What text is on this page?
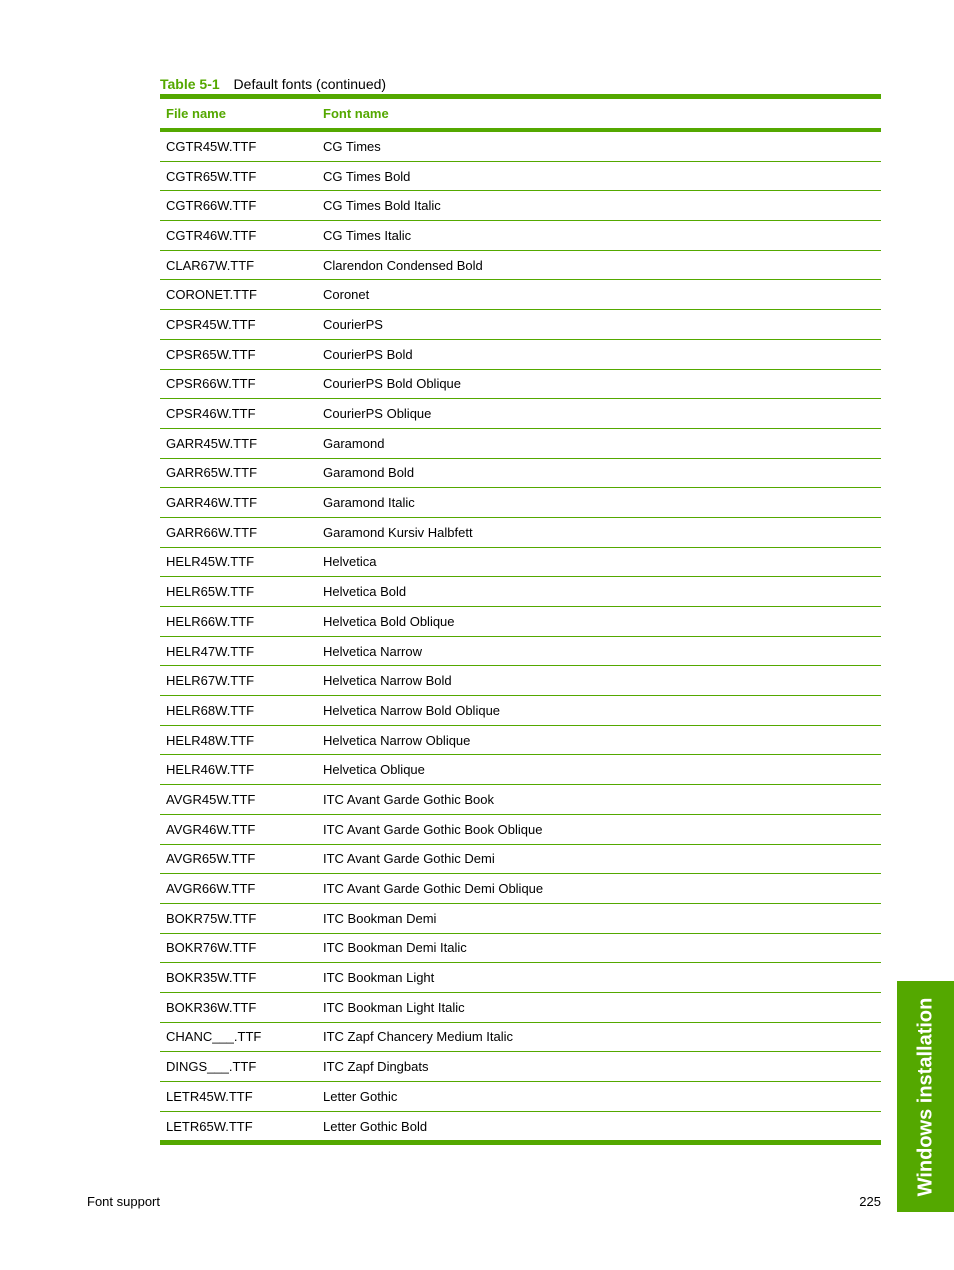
Table 5-1 Default fonts (continued)
File name	Font name
CGTR45W.TTF	CG Times
CGTR65W.TTF	CG Times Bold
CGTR66W.TTF	CG Times Bold Italic
CGTR46W.TTF	CG Times Italic
CLAR67W.TTF	Clarendon Condensed Bold
CORONET.TTF	Coronet
CPSR45W.TTF	CourierPS
CPSR65W.TTF	CourierPS Bold
CPSR66W.TTF	CourierPS Bold Oblique
CPSR46W.TTF	CourierPS Oblique
GARR45W.TTF	Garamond
GARR65W.TTF	Garamond Bold
GARR46W.TTF	Garamond Italic
GARR66W.TTF	Garamond Kursiv Halbfett
HELR45W.TTF	Helvetica
HELR65W.TTF	Helvetica Bold
HELR66W.TTF	Helvetica Bold Oblique
HELR47W.TTF	Helvetica Narrow
HELR67W.TTF	Helvetica Narrow Bold
HELR68W.TTF	Helvetica Narrow Bold Oblique
HELR48W.TTF	Helvetica Narrow Oblique
HELR46W.TTF	Helvetica Oblique
AVGR45W.TTF	ITC Avant Garde Gothic Book
AVGR46W.TTF	ITC Avant Garde Gothic Book Oblique
AVGR65W.TTF	ITC Avant Garde Gothic Demi
AVGR66W.TTF	ITC Avant Garde Gothic Demi Oblique
BOKR75W.TTF	ITC Bookman Demi
BOKR76W.TTF	ITC Bookman Demi Italic
BOKR35W.TTF	ITC Bookman Light
BOKR36W.TTF	ITC Bookman Light Italic
CHANC___.TTF	ITC Zapf Chancery Medium Italic
DINGS___.TTF	ITC Zapf Dingbats
LETR45W.TTF	Letter Gothic
LETR65W.TTF	Letter Gothic Bold	Windows installation
Font support	225
